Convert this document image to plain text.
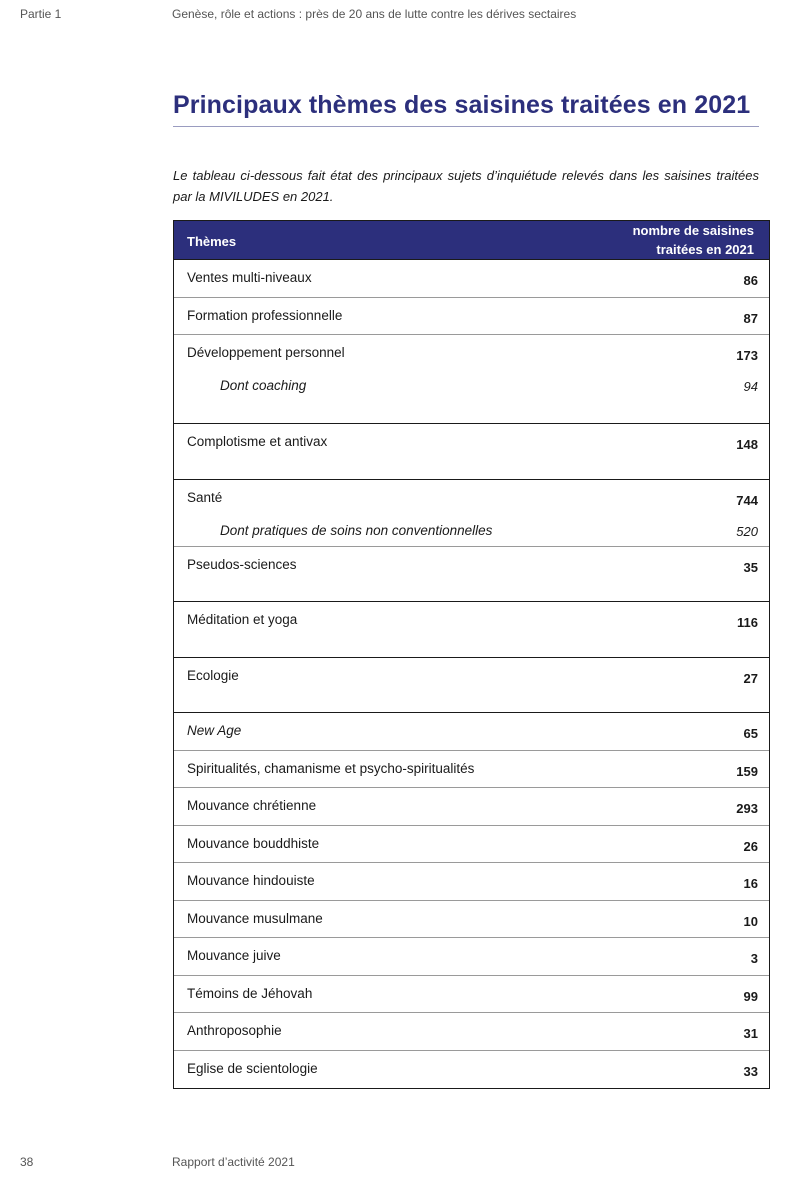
Partie 1	Genèse, rôle et actions : près de 20 ans de lutte contre les dérives sectaires
Principaux thèmes des saisines traitées en 2021
Le tableau ci-dessous fait état des principaux sujets d’inquiétude relevés dans les saisines traitées par la MIVILUDES en 2021.
Thèmes
nombre de saisines
traitées en 2021
Ventes multi-niveaux	86
Formation professionnelle	87
Développement personnel	173
Dont coaching	94
Complotisme et antivax	148
Santé	744
Dont pratiques de soins non conventionnelles	520
Pseudos-sciences	35
Méditation et yoga	116
Ecologie	27
New Age	65
Spiritualités, chamanisme et psycho-spiritualités	159
Mouvance chrétienne	293
Mouvance bouddhiste	26
Mouvance hindouiste	16
Mouvance musulmane	10
Mouvance juive	3
Témoins de Jéhovah	99
Anthroposophie	31
Eglise de scientologie	33
38	Rapport d’activité 2021
